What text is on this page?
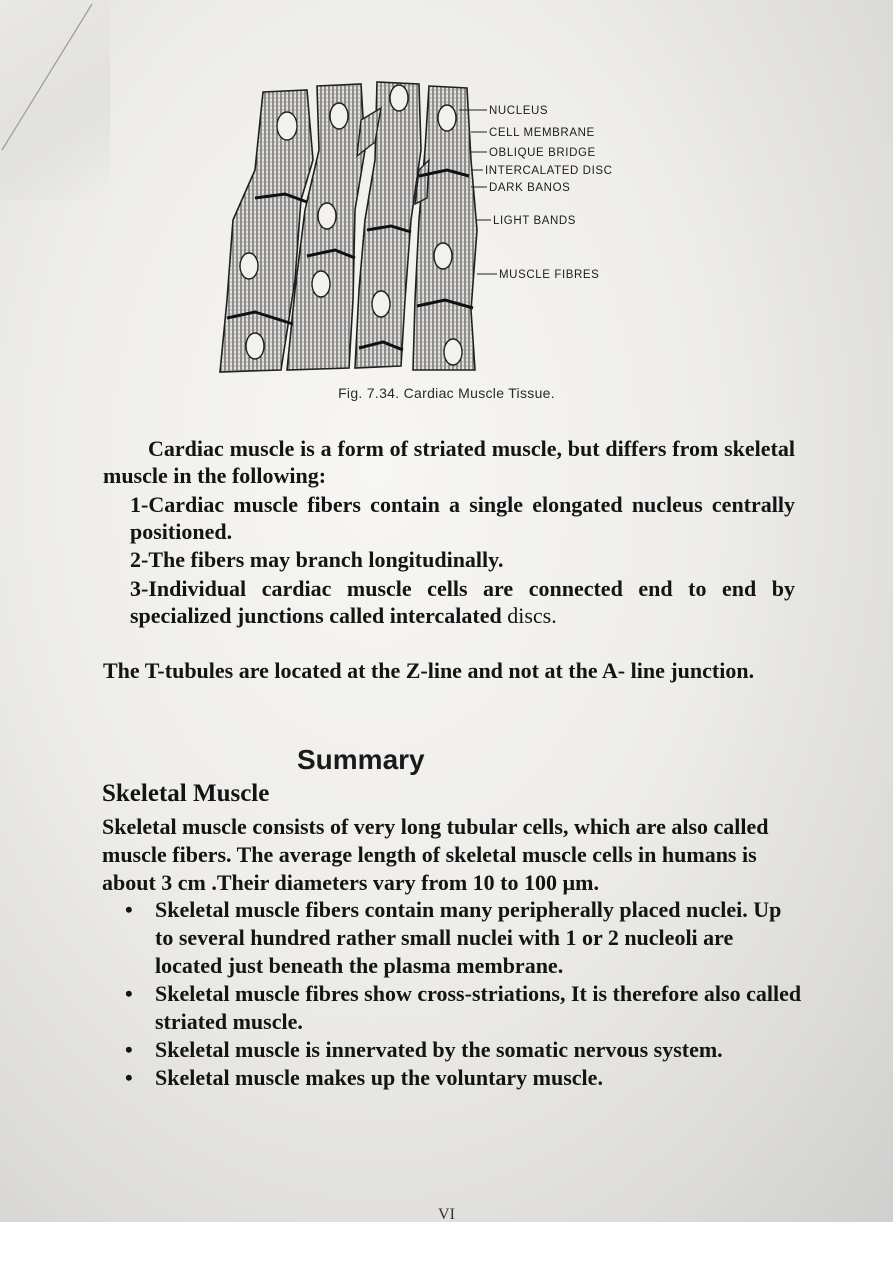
NUCLEUS
CELL MEMBRANE
OBLIQUE BRIDGE
INTERCALATED DISC
DARK BANOS
LIGHT BANDS
MUSCLE FIBRES
Fig. 7.34. Cardiac Muscle Tissue.
Cardiac muscle is a form of striated muscle, but differs from skeletal muscle in the following:
1-Cardiac muscle fibers contain a single elongated nucleus centrally positioned.
2-The fibers may branch longitudinally.
3-Individual cardiac muscle cells are connected end to end by specialized junctions called intercalated discs.
The T-tubules are located at the Z-line and not at the A- line junction.
Summary
Skeletal Muscle
Skeletal muscle consists of very long tubular cells, which are also called muscle fibers. The average length of skeletal muscle cells in humans is about 3 cm .Their diameters vary from 10 to 100 µm.
• Skeletal muscle fibers contain many peripherally placed nuclei. Up to several hundred rather small nuclei with 1 or 2 nucleoli are located just beneath the plasma membrane.
• Skeletal muscle fibres show cross-striations, It is therefore also called striated muscle.
• Skeletal muscle is innervated by the somatic nervous system.
• Skeletal muscle makes up the voluntary muscle.
VI
